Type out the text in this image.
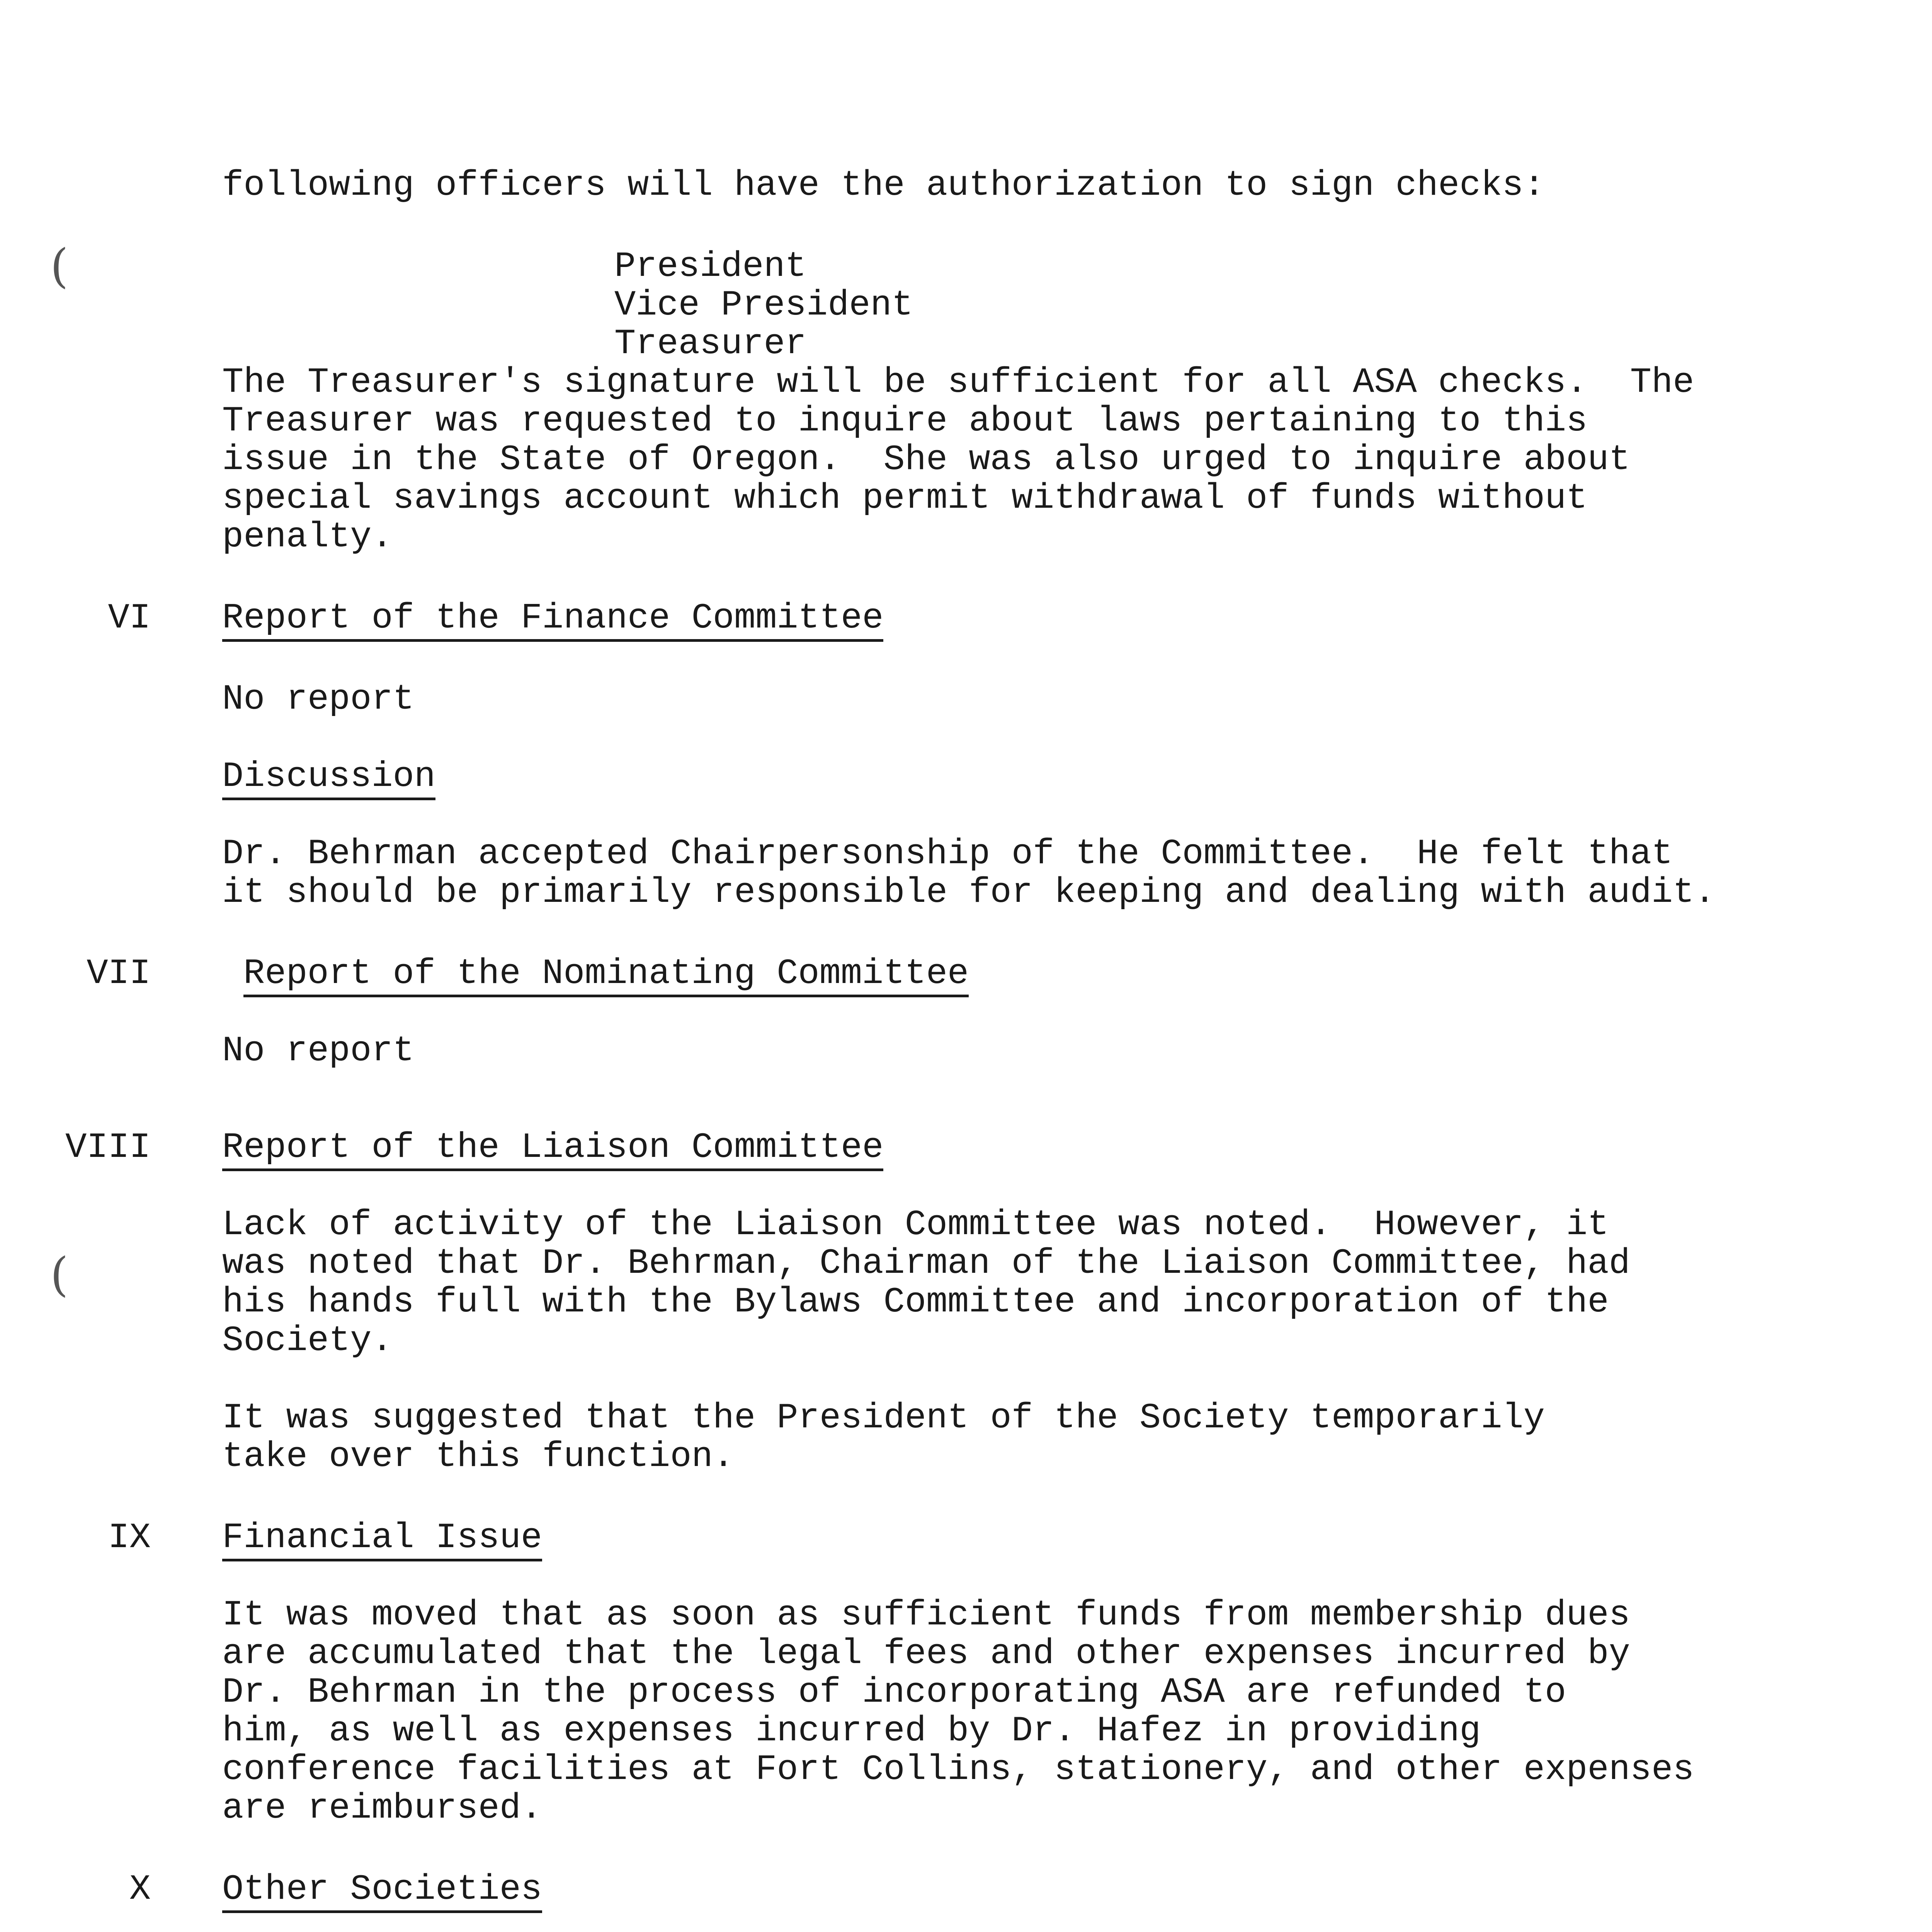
(
(

following officers will have the authorization to sign checks:

President

Vice President

Treasurer

The Treasurer's signature will be sufficient for all ASA checks.  The

Treasurer was requested to inquire about laws pertaining to this

issue in the State of Oregon.  She was also urged to inquire about

special savings account which permit withdrawal of funds without

penalty.

VI Report of the Finance Committee

No report

Discussion

Dr. Behrman accepted Chairpersonship of the Committee.  He felt that

it should be primarily responsible for keeping and dealing with audit.

VII	Report of the Nominating Committee

No report

VIII Report of the Liaison Committee

Lack of activity of the Liaison Committee was noted.  However, it

was noted that Dr. Behrman, Chairman of the Liaison Committee, had

his hands full with the Bylaws Committee and incorporation of the

Society.

It was suggested that the President of the Society temporarily

take over this function.

IX Financial Issue

It was moved that as soon as sufficient funds from membership dues

are accumulated that the legal fees and other expenses incurred by

Dr. Behrman in the process of incorporating ASA are refunded to

him, as well as expenses incurred by Dr. Hafez in providing

conference facilities at Fort Collins, stationery, and other expenses

are reimbursed.

X Other Societies
